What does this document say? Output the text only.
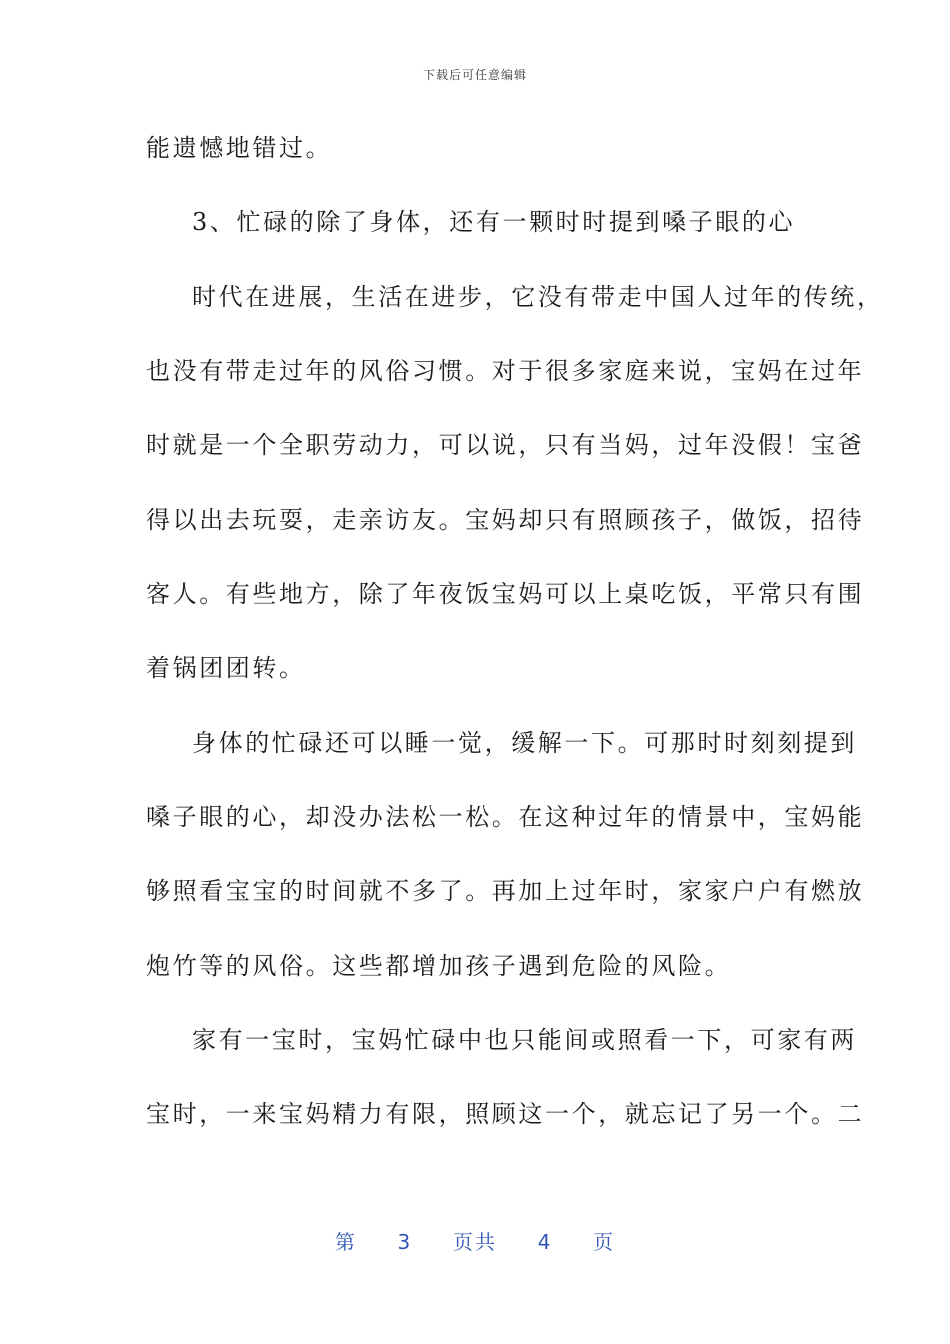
下载后可任意编辑
能遗憾地错过。
3、忙碌的除了身体，还有一颗时时提到嗓子眼的心
时代在进展，生活在进步，它没有带走中国人过年的传统，
也没有带走过年的风俗习惯。对于很多家庭来说，宝妈在过年
时就是一个全职劳动力，可以说，只有当妈，过年没假！宝爸
得以出去玩耍，走亲访友。宝妈却只有照顾孩子，做饭，招待
客人。有些地方，除了年夜饭宝妈可以上桌吃饭，平常只有围
着锅团团转。
身体的忙碌还可以睡一觉，缓解一下。可那时时刻刻提到
嗓子眼的心，却没办法松一松。在这种过年的情景中，宝妈能
够照看宝宝的时间就不多了。再加上过年时，家家户户有燃放
炮竹等的风俗。这些都增加孩子遇到危险的风险。
家有一宝时，宝妈忙碌中也只能间或照看一下，可家有两
宝时，一来宝妈精力有限，照顾这一个，就忘记了另一个。二
第 3 页共 4 页
